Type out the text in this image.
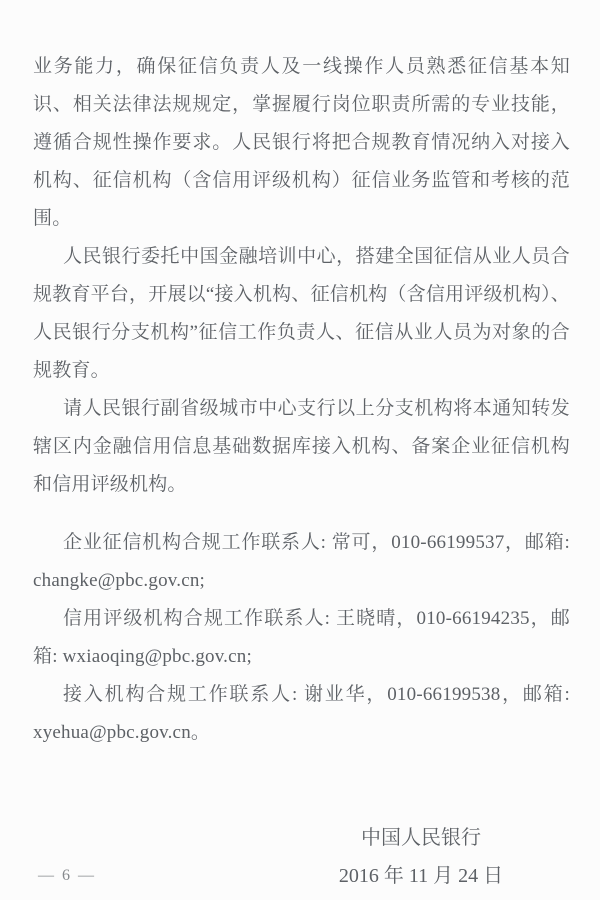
业务能力，确保征信负责人及一线操作人员熟悉征信基本知识、相关法律法规规定，掌握履行岗位职责所需的专业技能，遵循合规性操作要求。人民银行将把合规教育情况纳入对接入机构、征信机构（含信用评级机构）征信业务监管和考核的范围。

人民银行委托中国金融培训中心，搭建全国征信从业人员合规教育平台，开展以“接入机构、征信机构（含信用评级机构）、人民银行分支机构”征信工作负责人、征信从业人员为对象的合规教育。

请人民银行副省级城市中心支行以上分支机构将本通知转发辖区内金融信用信息基础数据库接入机构、备案企业征信机构和信用评级机构。

企业征信机构合规工作联系人: 常可，010-66199537，邮箱: changke@pbc.gov.cn;

信用评级机构合规工作联系人: 王晓晴，010-66194235，邮箱: wxiaoqing@pbc.gov.cn;

接入机构合规工作联系人: 谢业华，010-66199538，邮箱: xyehua@pbc.gov.cn。

中国人民银行
2016 年 11 月 24 日
— 6 —
